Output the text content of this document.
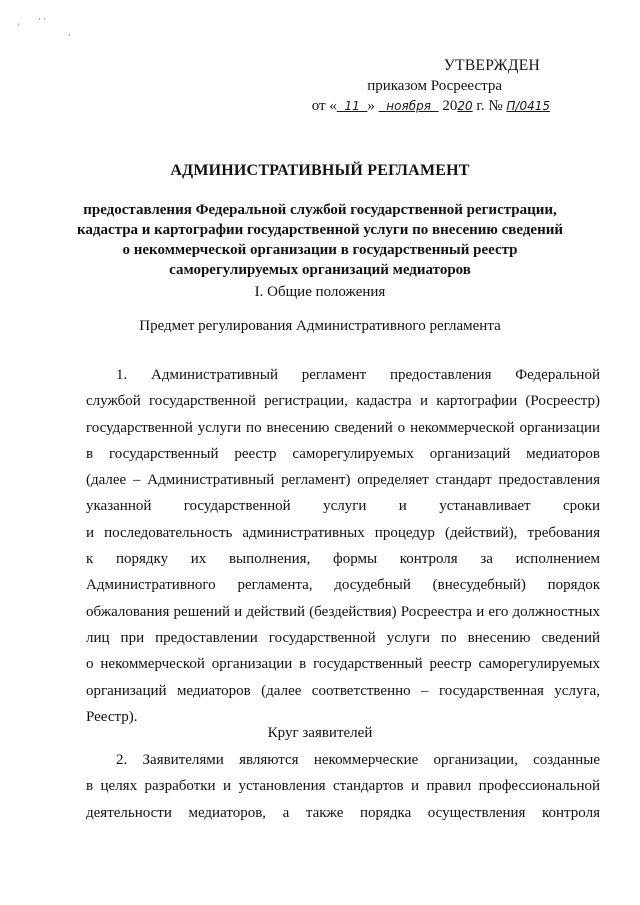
'
· ·
·
УТВЕРЖДЕН
приказом Росреестра
от « 11 » ноября 2020 г. № П/0415
АДМИНИСТРАТИВНЫЙ РЕГЛАМЕНТ
предоставления Федеральной службой государственной регистрации,
кадастра и картографии государственной услуги по внесению сведений
о некоммерческой организации в государственный реестр
саморегулируемых организаций медиаторов
I. Общие положения
Предмет регулирования Административного регламента
1. Административный регламент предоставления Федеральной
службой государственной регистрации, кадастра и картографии (Росреестр)
государственной услуги по внесению сведений о некоммерческой организации
в государственный реестр саморегулируемых организаций медиаторов
(далее – Административный регламент) определяет стандарт предоставления
указанной государственной услуги и устанавливает сроки
и последовательность административных процедур (действий), требования
к порядку их выполнения, формы контроля за исполнением
Административного регламента, досудебный (внесудебный) порядок
обжалования решений и действий (бездействия) Росреестра и его должностных
лиц при предоставлении государственной услуги по внесению сведений
о некоммерческой организации в государственный реестр саморегулируемых
организаций медиаторов (далее соответственно – государственная услуга,
Реестр).
Круг заявителей
2. Заявителями являются некоммерческие организации, созданные
в целях разработки и установления стандартов и правил профессиональной
деятельности медиаторов, а также порядка осуществления контроля
